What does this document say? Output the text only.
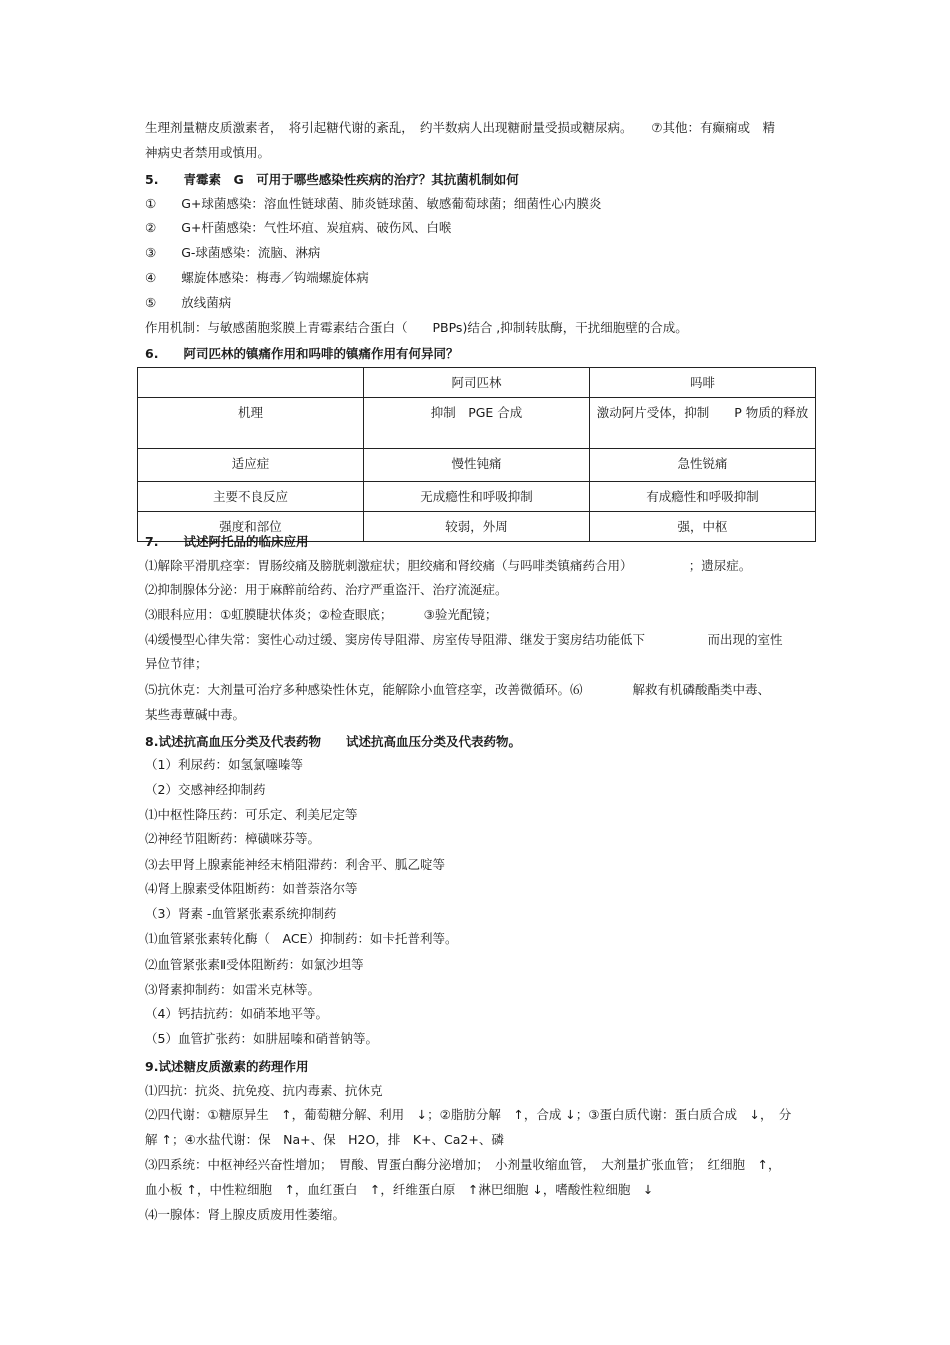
生理剂量糖皮质激素者，　将引起糖代谢的紊乱，　约半数病人出现糖耐量受损或糖尿病。　　⑦其他：有癫痫或　精
神病史者禁用或慎用。
5.　　青霉素　G　可用于哪些感染性疾病的治疗？其抗菌机制如何
①　　G+球菌感染：溶血性链球菌、肺炎链球菌、敏感葡萄球菌；细菌性心内膜炎
②　　G+杆菌感染：气性坏疽、炭疽病、破伤风、白喉
③　　G-球菌感染：流脑、淋病
④　　螺旋体感染：梅毒／钩端螺旋体病
⑤　　放线菌病
作用机制：与敏感菌胞浆膜上青霉素结合蛋白（　　PBPs)结合 ,抑制转肽酶，干扰细胞壁的合成。
6.　　阿司匹林的镇痛作用和吗啡的镇痛作用有何异同？
	阿司匹林	吗啡
机理	抑制　PGE 合成	激动阿片受体，抑制　　P 物质的释放
适应症	慢性钝痛	急性锐痛
主要不良反应	无成瘾性和呼吸抑制	有成瘾性和呼吸抑制
强度和部位	较弱，外周	强，中枢
7.　　试述阿托品的临床应用
⑴解除平滑肌痉挛：胃肠绞痛及膀胱刺激症状；胆绞痛和肾绞痛（与吗啡类镇痛药合用）　　　　　；遗尿症。
⑵抑制腺体分泌：用于麻醉前给药、治疗严重盗汗、治疗流涎症。
⑶眼科应用：①虹膜睫状体炎；②检查眼底；　　　③验光配镜；
⑷缓慢型心律失常：窦性心动过缓、窦房传导阻滞、房室传导阻滞、继发于窦房结功能低下　　　　　而出现的室性
异位节律；
⑸抗休克：大剂量可治疗多种感染性休克，能解除小血管痉挛，改善微循环。⑹　　　　解救有机磷酸酯类中毒、
某些毒蕈碱中毒。
8.试述抗高血压分类及代表药物　　试述抗高血压分类及代表药物。
（1）利尿药：如氢氯噻嗪等
（2）交感神经抑制药
⑴中枢性降压药：可乐定、利美尼定等
⑵神经节阻断药：樟磺咪芬等。
⑶去甲肾上腺素能神经末梢阻滞药：利舍平、胍乙啶等
⑷肾上腺素受体阻断药：如普萘洛尔等
（3）肾素 -血管紧张素系统抑制药
⑴血管紧张素转化酶（　ACE）抑制药：如卡托普利等。
⑵血管紧张素Ⅱ受体阻断药：如氯沙坦等
⑶肾素抑制药：如雷米克林等。
（4）钙拮抗药：如硝苯地平等。
（5）血管扩张药：如肼屈嗪和硝普钠等。
9.试述糖皮质激素的药理作用
⑴四抗：抗炎、抗免疫、抗内毒素、抗休克
⑵四代谢：①糖原异生　↑，葡萄糖分解、利用　↓；②脂肪分解　↑，合成 ↓；③蛋白质代谢：蛋白质合成　↓，　分
解 ↑；④水盐代谢：保　Na+、保　H2O，排　K+、Ca2+、磷
⑶四系统：中枢神经兴奋性增加；　胃酸、胃蛋白酶分泌增加；　小剂量收缩血管，　大剂量扩张血管；　红细胞　↑，
血小板 ↑，中性粒细胞　↑，血红蛋白　↑，纤维蛋白原　↑淋巴细胞 ↓，嗜酸性粒细胞　↓
⑷一腺体：肾上腺皮质废用性萎缩。
